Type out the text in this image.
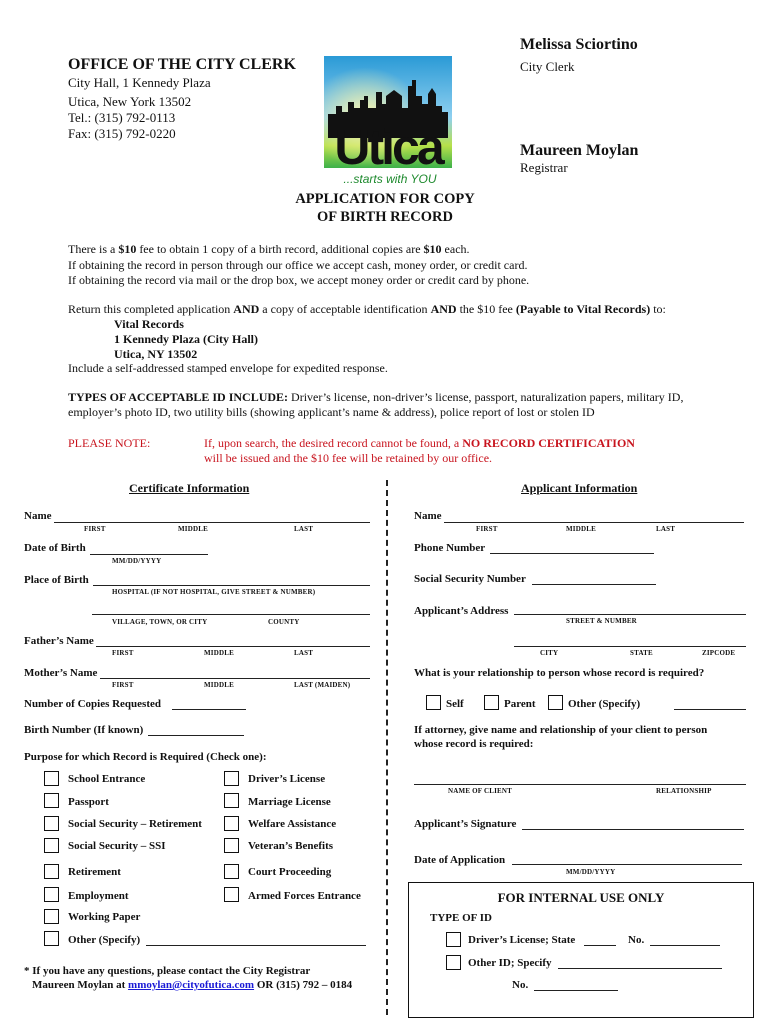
OFFICE OF THE CITY CLERK
City Hall, 1 Kennedy Plaza
Utica, New York 13502
Tel.: (315) 792-0113
Fax: (315) 792-0220
Melissa Sciortino
City Clerk
Maureen Moylan
Registrar
Utica
...starts with YOU
APPLICATION FOR COPY
OF BIRTH RECORD
There is a $10 fee to obtain 1 copy of a birth record, additional copies are $10 each.
If obtaining the record in person through our office we accept cash, money order, or credit card.
If obtaining the record via mail or the drop box, we accept money order or credit card by phone.
Return this completed application AND a copy of acceptable identification AND the $10 fee (Payable to Vital Records) to:
Vital Records
1 Kennedy Plaza (City Hall)
Utica, NY 13502
Include a self-addressed stamped envelope for expedited response.
TYPES OF ACCEPTABLE ID INCLUDE: Driver’s license, non-driver’s license, passport, naturalization papers, military ID,
employer’s photo ID, two utility bills (showing applicant’s name & address), police report of lost or stolen ID
PLEASE NOTE:	If, upon search, the desired record cannot be found, a NO RECORD CERTIFICATION
will be issued and the $10 fee will be retained by our office.
Certificate Information
Name
FIRST	MIDDLE	LAST
Date of Birth
MM/DD/YYYY
Place of Birth
HOSPITAL (IF NOT HOSPITAL, GIVE STREET & NUMBER)
VILLAGE, TOWN, OR CITY	COUNTY
Father’s Name
FIRST	MIDDLE	LAST
Mother’s Name
FIRST	MIDDLE	LAST (MAIDEN)
Number of Copies Requested
Birth Number (If known)
Purpose for which Record is Required (Check one):
School Entrance
Passport
Social Security – Retirement
Social Security – SSI
Retirement
Employment
Working Paper
Other (Specify)
Driver’s License
Marriage License
Welfare Assistance
Veteran’s Benefits
Court Proceeding
Armed Forces Entrance
* If you have any questions, please contact the City Registrar
Maureen Moylan at mmoylan@cityofutica.com OR (315) 792 – 0184
Applicant Information
Name
FIRST	MIDDLE	LAST
Phone Number
Social Security Number
Applicant’s Address
STREET & NUMBER
CITY	STATE	ZIPCODE
What is your relationship to person whose record is required?
Self	Parent	Other (Specify)
If attorney, give name and relationship of your client to person
whose record is required:
NAME OF CLIENT	RELATIONSHIP
Applicant’s Signature
Date of Application
MM/DD/YYYY
FOR INTERNAL USE ONLY
TYPE OF ID
Driver’s License; State	No.
Other ID; Specify
No.
